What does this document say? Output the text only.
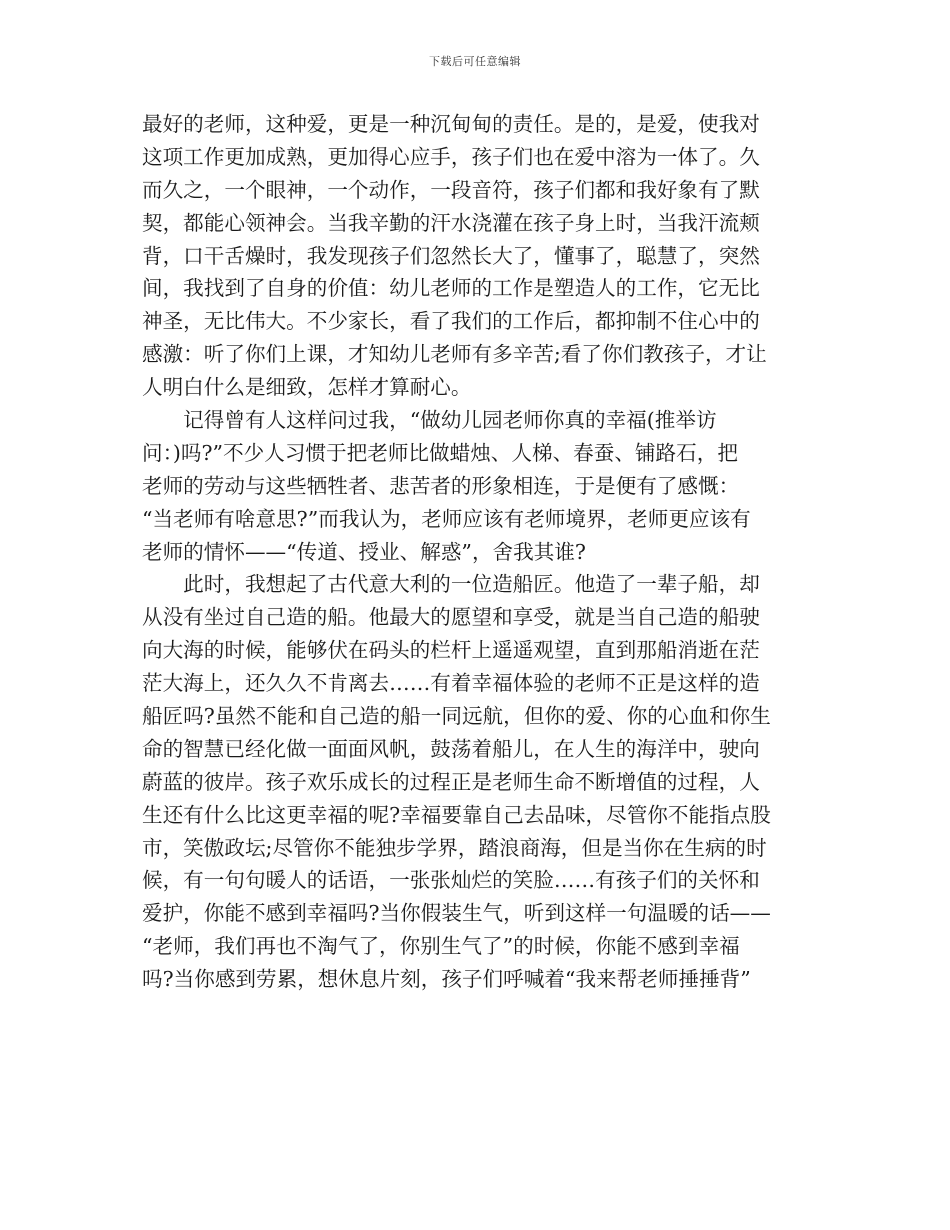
下载后可任意编辑
最好的老师，这种爱，更是一种沉甸甸的责任。是的，是爱，使我对
这项工作更加成熟，更加得心应手，孩子们也在爱中溶为一体了。久
而久之，一个眼神，一个动作，一段音符，孩子们都和我好象有了默
契，都能心领神会。当我辛勤的汗水浇灌在孩子身上时，当我汗流颊
背，口干舌燥时，我发现孩子们忽然长大了，懂事了，聪慧了，突然
间，我找到了自身的价值：幼儿老师的工作是塑造人的工作，它无比
神圣，无比伟大。不少家长，看了我们的工作后，都抑制不住心中的
感激：听了你们上课，才知幼儿老师有多辛苦;看了你们教孩子，才让
人明白什么是细致，怎样才算耐心。
　　记得曾有人这样问过我，“做幼儿园老师你真的幸福(推举访
问：)吗?”不少人习惯于把老师比做蜡烛、人梯、春蚕、铺路石，把
老师的劳动与这些牺牲者、悲苦者的形象相连，于是便有了感慨：
“当老师有啥意思?”而我认为，老师应该有老师境界，老师更应该有
老师的情怀——“传道、授业、解惑”，舍我其谁?
　　此时，我想起了古代意大利的一位造船匠。他造了一辈子船，却
从没有坐过自己造的船。他最大的愿望和享受，就是当自己造的船驶
向大海的时候，能够伏在码头的栏杆上遥遥观望，直到那船消逝在茫
茫大海上，还久久不肯离去……有着幸福体验的老师不正是这样的造
船匠吗?虽然不能和自己造的船一同远航，但你的爱、你的心血和你生
命的智慧已经化做一面面风帆，鼓荡着船儿，在人生的海洋中，驶向
蔚蓝的彼岸。孩子欢乐成长的过程正是老师生命不断增值的过程，人
生还有什么比这更幸福的呢?幸福要靠自己去品味，尽管你不能指点股
市，笑傲政坛;尽管你不能独步学界，踏浪商海，但是当你在生病的时
候，有一句句暖人的话语，一张张灿烂的笑脸……有孩子们的关怀和
爱护，你能不感到幸福吗?当你假装生气，听到这样一句温暖的话——
“老师，我们再也不淘气了，你别生气了”的时候，你能不感到幸福
吗?当你感到劳累，想休息片刻，孩子们呼喊着“我来帮老师捶捶背”
